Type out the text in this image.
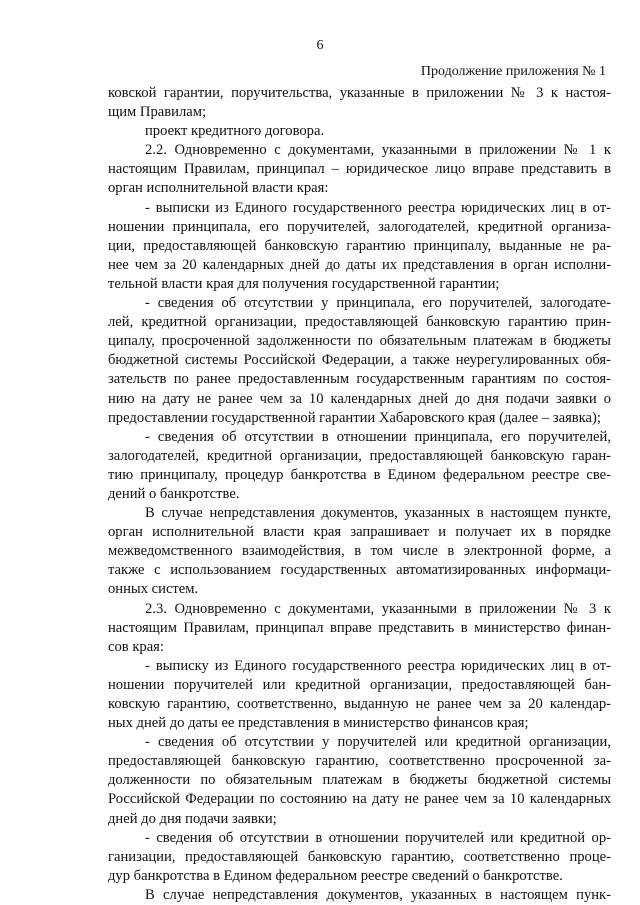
6
Продолжение приложения № 1
ковской гарантии, поручительства, указанные в приложении № 3 к настоя-
щим Правилам;
проект кредитного договора.
2.2. Одновременно с документами, указанными в приложении № 1 к
настоящим Правилам, принципал – юридическое лицо вправе представить в
орган исполнительной власти края:
- выписки из Единого государственного реестра юридических лиц в от-
ношении принципала, его поручителей, залогодателей, кредитной организа-
ции, предоставляющей банковскую гарантию принципалу, выданные не ра-
нее чем за 20 календарных дней до даты их представления в орган исполни-
тельной власти края для получения государственной гарантии;
- сведения об отсутствии у принципала, его поручителей, залогодате-
лей, кредитной организации, предоставляющей банковскую гарантию прин-
ципалу, просроченной задолженности по обязательным платежам в бюджеты
бюджетной системы Российской Федерации, а также неурегулированных обя-
зательств по ранее предоставленным государственным гарантиям по состоя-
нию на дату не ранее чем за 10 календарных дней до дня подачи заявки о
предоставлении государственной гарантии Хабаровского края (далее – заявка);
- сведения об отсутствии в отношении принципала, его поручителей,
залогодателей, кредитной организации, предоставляющей банковскую гаран-
тию принципалу, процедур банкротства в Едином федеральном реестре све-
дений о банкротстве.
В случае непредставления документов, указанных в настоящем пункте,
орган исполнительной власти края запрашивает и получает их в порядке
межведомственного взаимодействия, в том числе в электронной форме, а
также с использованием государственных автоматизированных информаци-
онных систем.
2.3. Одновременно с документами, указанными в приложении № 3 к
настоящим Правилам, принципал вправе представить в министерство финан-
сов края:
- выписку из Единого государственного реестра юридических лиц в от-
ношении поручителей или кредитной организации, предоставляющей бан-
ковскую гарантию, соответственно, выданную не ранее чем за 20 календар-
ных дней до даты ее представления в министерство финансов края;
- сведения об отсутствии у поручителей или кредитной организации,
предоставляющей банковскую гарантию, соответственно просроченной за-
долженности по обязательным платежам в бюджеты бюджетной системы
Российской Федерации по состоянию на дату не ранее чем за 10 календарных
дней до дня подачи заявки;
- сведения об отсутствии в отношении поручителей или кредитной ор-
ганизации, предоставляющей банковскую гарантию, соответственно проце-
дур банкротства в Едином федеральном реестре сведений о банкротстве.
В случае непредставления документов, указанных в настоящем пунк-
